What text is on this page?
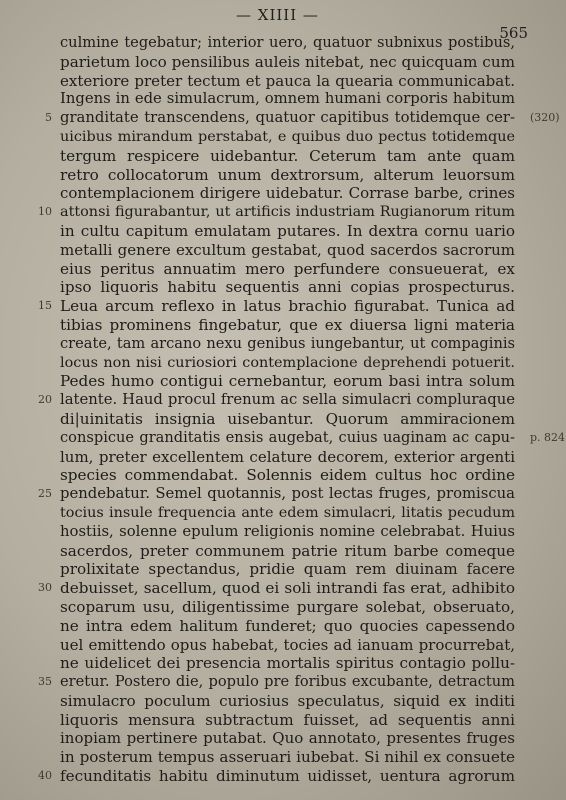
— XIIII —
565
culmine tegebatur; interior uero, quatuor subnixus postibus,
parietum loco pensilibus auleis nitebat, nec quicquam cum
exteriore preter tectum et pauca la quearia communicabat.
Ingens in ede simulacrum, omnem humani corporis habitum
(320)
5 granditate transcendens, quatuor capitibus totidemque cer-
uicibus mirandum perstabat, e quibus duo pectus totidemque
tergum respicere uidebantur. Ceterum tam ante quam
retro collocatorum unum dextrorsum, alterum leuorsum
contemplacionem dirigere uidebatur. Corrase barbe, crines
10 attonsi figurabantur, ut artificis industriam Rugianorum ritum
in cultu capitum emulatam putares. In dextra cornu uario
metalli genere excultum gestabat, quod sacerdos sacrorum
eius peritus annuatim mero perfundere consueuerat, ex
ipso liquoris habitu sequentis anni copias prospecturus.
15 Leua arcum reflexo in latus brachio figurabat. Tunica ad
tibias prominens fingebatur, que ex diuersa ligni materia
create, tam arcano nexu genibus iungebantur, ut compaginis
locus non nisi curiosiori contemplacione deprehendi potuerit.
Pedes humo contigui cernebantur, eorum basi intra solum
20 latente. Haud procul frenum ac sella simulacri compluraque
di|uinitatis insignia uisebantur. Quorum ammiracionem
p. 824
conspicue granditatis ensis augebat, cuius uaginam ac capu-
lum, preter excellentem celature decorem, exterior argenti
species commendabat. Solennis eidem cultus hoc ordine
25 pendebatur. Semel quotannis, post lectas fruges, promiscua
tocius insule frequencia ante edem simulacri, litatis pecudum
hostiis, solenne epulum religionis nomine celebrabat. Huius
sacerdos, preter communem patrie ritum barbe comeque
prolixitate spectandus, pridie quam rem diuinam facere
30 debuisset, sacellum, quod ei soli intrandi fas erat, adhibito
scoparum usu, diligentissime purgare solebat, obseruato,
ne intra edem halitum funderet; quo quocies capessendo
uel emittendo opus habebat, tocies ad ianuam procurrebat,
ne uidelicet dei presencia mortalis spiritus contagio pollu-
35 eretur. Postero die, populo pre foribus excubante, detractum
simulacro poculum curiosius speculatus, siquid ex inditi
liquoris mensura subtractum fuisset, ad sequentis anni
inopiam pertinere putabat. Quo annotato, presentes fruges
in posterum tempus asseruari iubebat. Si nihil ex consuete
40 fecunditatis habitu diminutum uidisset, uentura agrorum
